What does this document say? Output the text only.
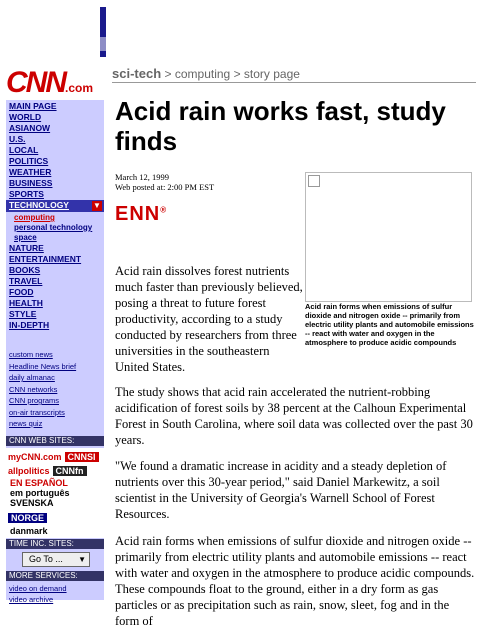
CNN.com
sci-tech > computing > story page
MAIN PAGE
WORLD
ASIANOW
U.S.
LOCAL
POLITICS
WEATHER
BUSINESS
SPORTS
TECHNOLOGY	▼
computing
personal technology
space
NATURE
ENTERTAINMENT
BOOKS
TRAVEL
FOOD
HEALTH
STYLE
IN-DEPTH
custom news
Headline News brief
daily almanac
CNN networks
CNN programs
on-air transcripts
news quiz
CNN WEB SITES:
myCNN.com CNNSI
allpolitics CNNfn
EN ESPAÑOL
em português
SVENSKA
NORGE
danmark
TIME INC. SITES:
Go To ... ▼
MORE SERVICES:
video on demand
video archive
Acid rain works fast, study finds
March 12, 1999
Web posted at: 2:00 PM EST
ENN®
Acid rain forms when emissions of sulfur dioxide and nitrogen oxide -- primarily from electric utility plants and automobile emissions -- react with water and oxygen in the atmosphere to produce acidic compounds

Acid rain dissolves forest nutrients much faster than previously believed, posing a threat to future forest productivity, according to a study conducted by researchers from three universities in the southeastern United States.

The study shows that acid rain accelerated the nutrient-robbing acidification of forest soils by 38 percent at the Calhoun Experimental Forest in South Carolina, where soil data was collected over the past 30 years.

"We found a dramatic increase in acidity and a steady depletion of nutrients over this 30-year period," said Daniel Markewitz, a soil scientist in the University of Georgia's Warnell School of Forest Resources.

Acid rain forms when emissions of sulfur dioxide and nitrogen oxide -- primarily from electric utility plants and automobile emissions -- react with water and oxygen in the atmosphere to produce acidic compounds. These compounds float to the ground, either in a dry form as gas particles or as precipitation such as rain, snow, sleet, fog and in the form of
